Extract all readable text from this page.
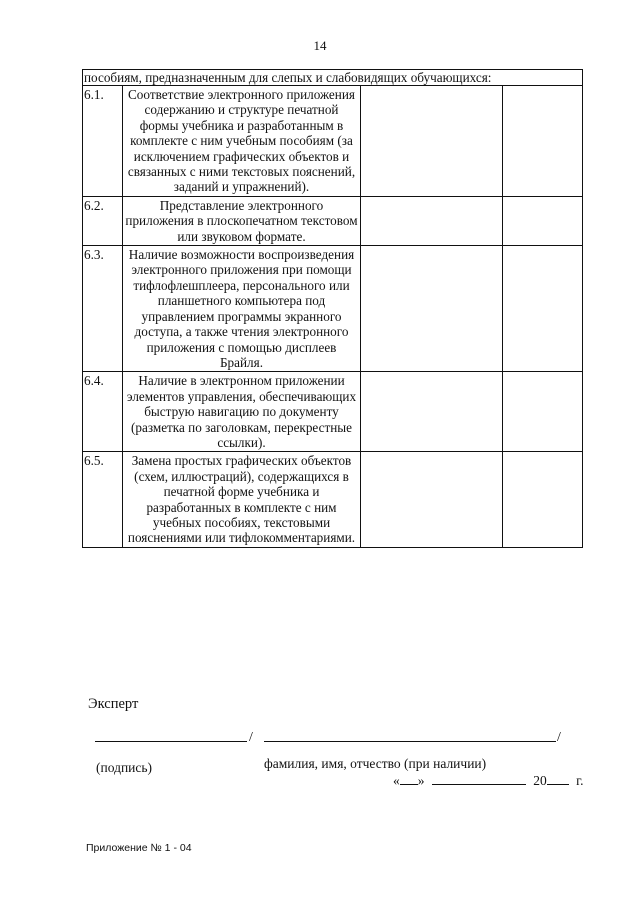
14
пособиям, предназначенным для слепых и слабовидящих обучающихся:			
6.1.	Соответствие электронного приложения содержанию и структуре печатной формы учебника и разработанным в комплекте с ним учебным пособиям (за исключением графических объектов и связанных с ними текстовых пояснений, заданий и упражнений).		
6.2.	Представление электронного приложения в плоскопечатном текстовом или звуковом формате.		
6.3.	Наличие возможности воспроизведения электронного приложения при помощи тифлофлешплеера, персонального или планшетного компьютера под управлением программы экранного доступа, а также чтения электронного приложения с помощью дисплеев Брайля.		
6.4.	Наличие в электронном приложении элементов управления, обеспечивающих быструю навигацию по документу (разметка по заголовкам, перекрестные ссылки).		
6.5.	Замена простых графических объектов (схем, иллюстраций), содержащихся в печатной форме учебника и разработанных в комплекте с ним учебных пособиях, текстовыми пояснениями или тифлокомментариями.		
Эксперт
/	/
(подпись)	фамилия, имя, отчество (при наличии)
« »	20 г.
Приложение № 1 - 04
